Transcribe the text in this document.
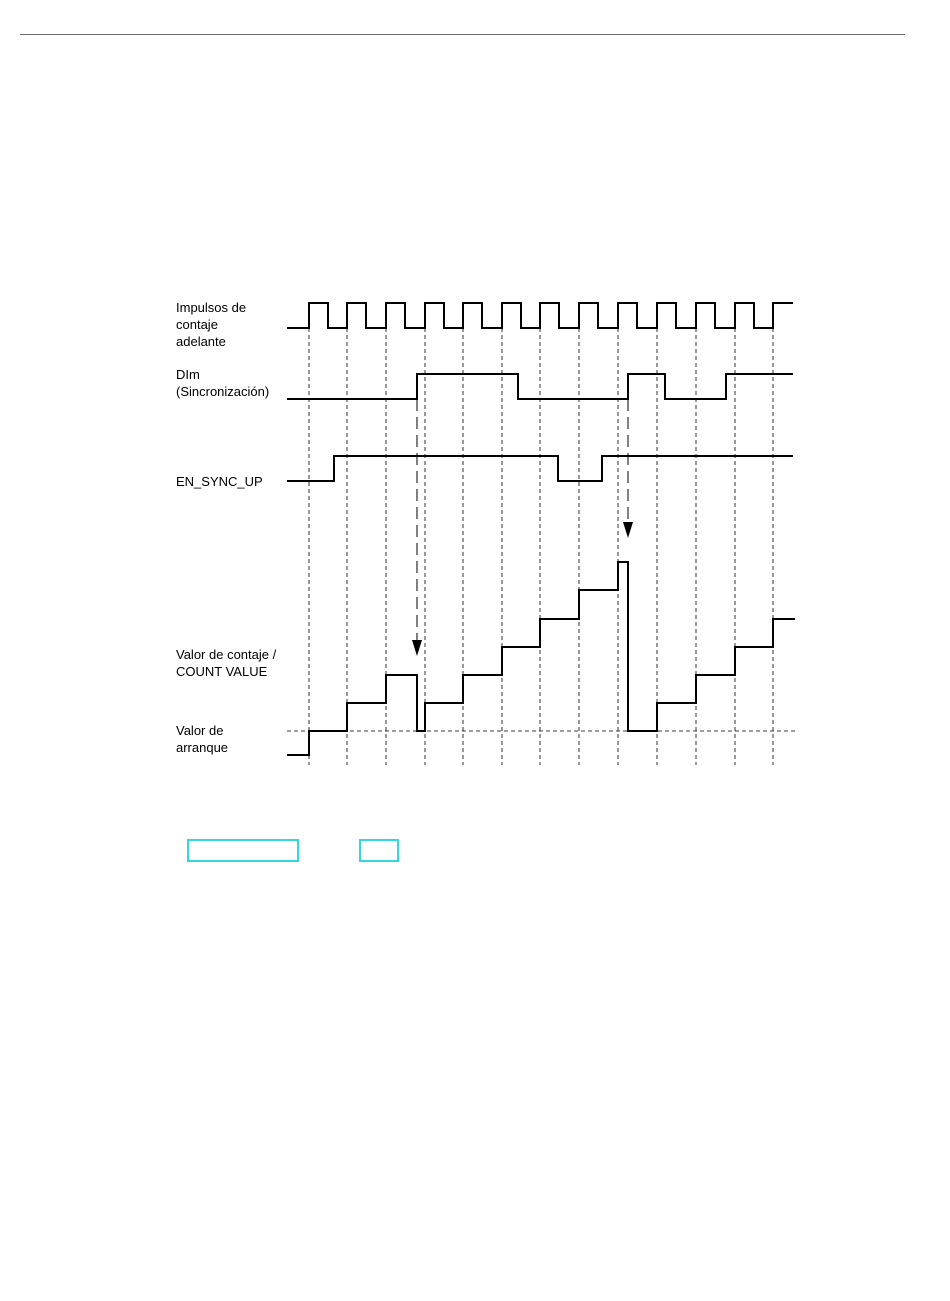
Impulsos de
contaje
adelante
DIm
(Sincronización)
EN_SYNC_UP
Valor de contaje /
COUNT VALUE
Valor de
arranque
